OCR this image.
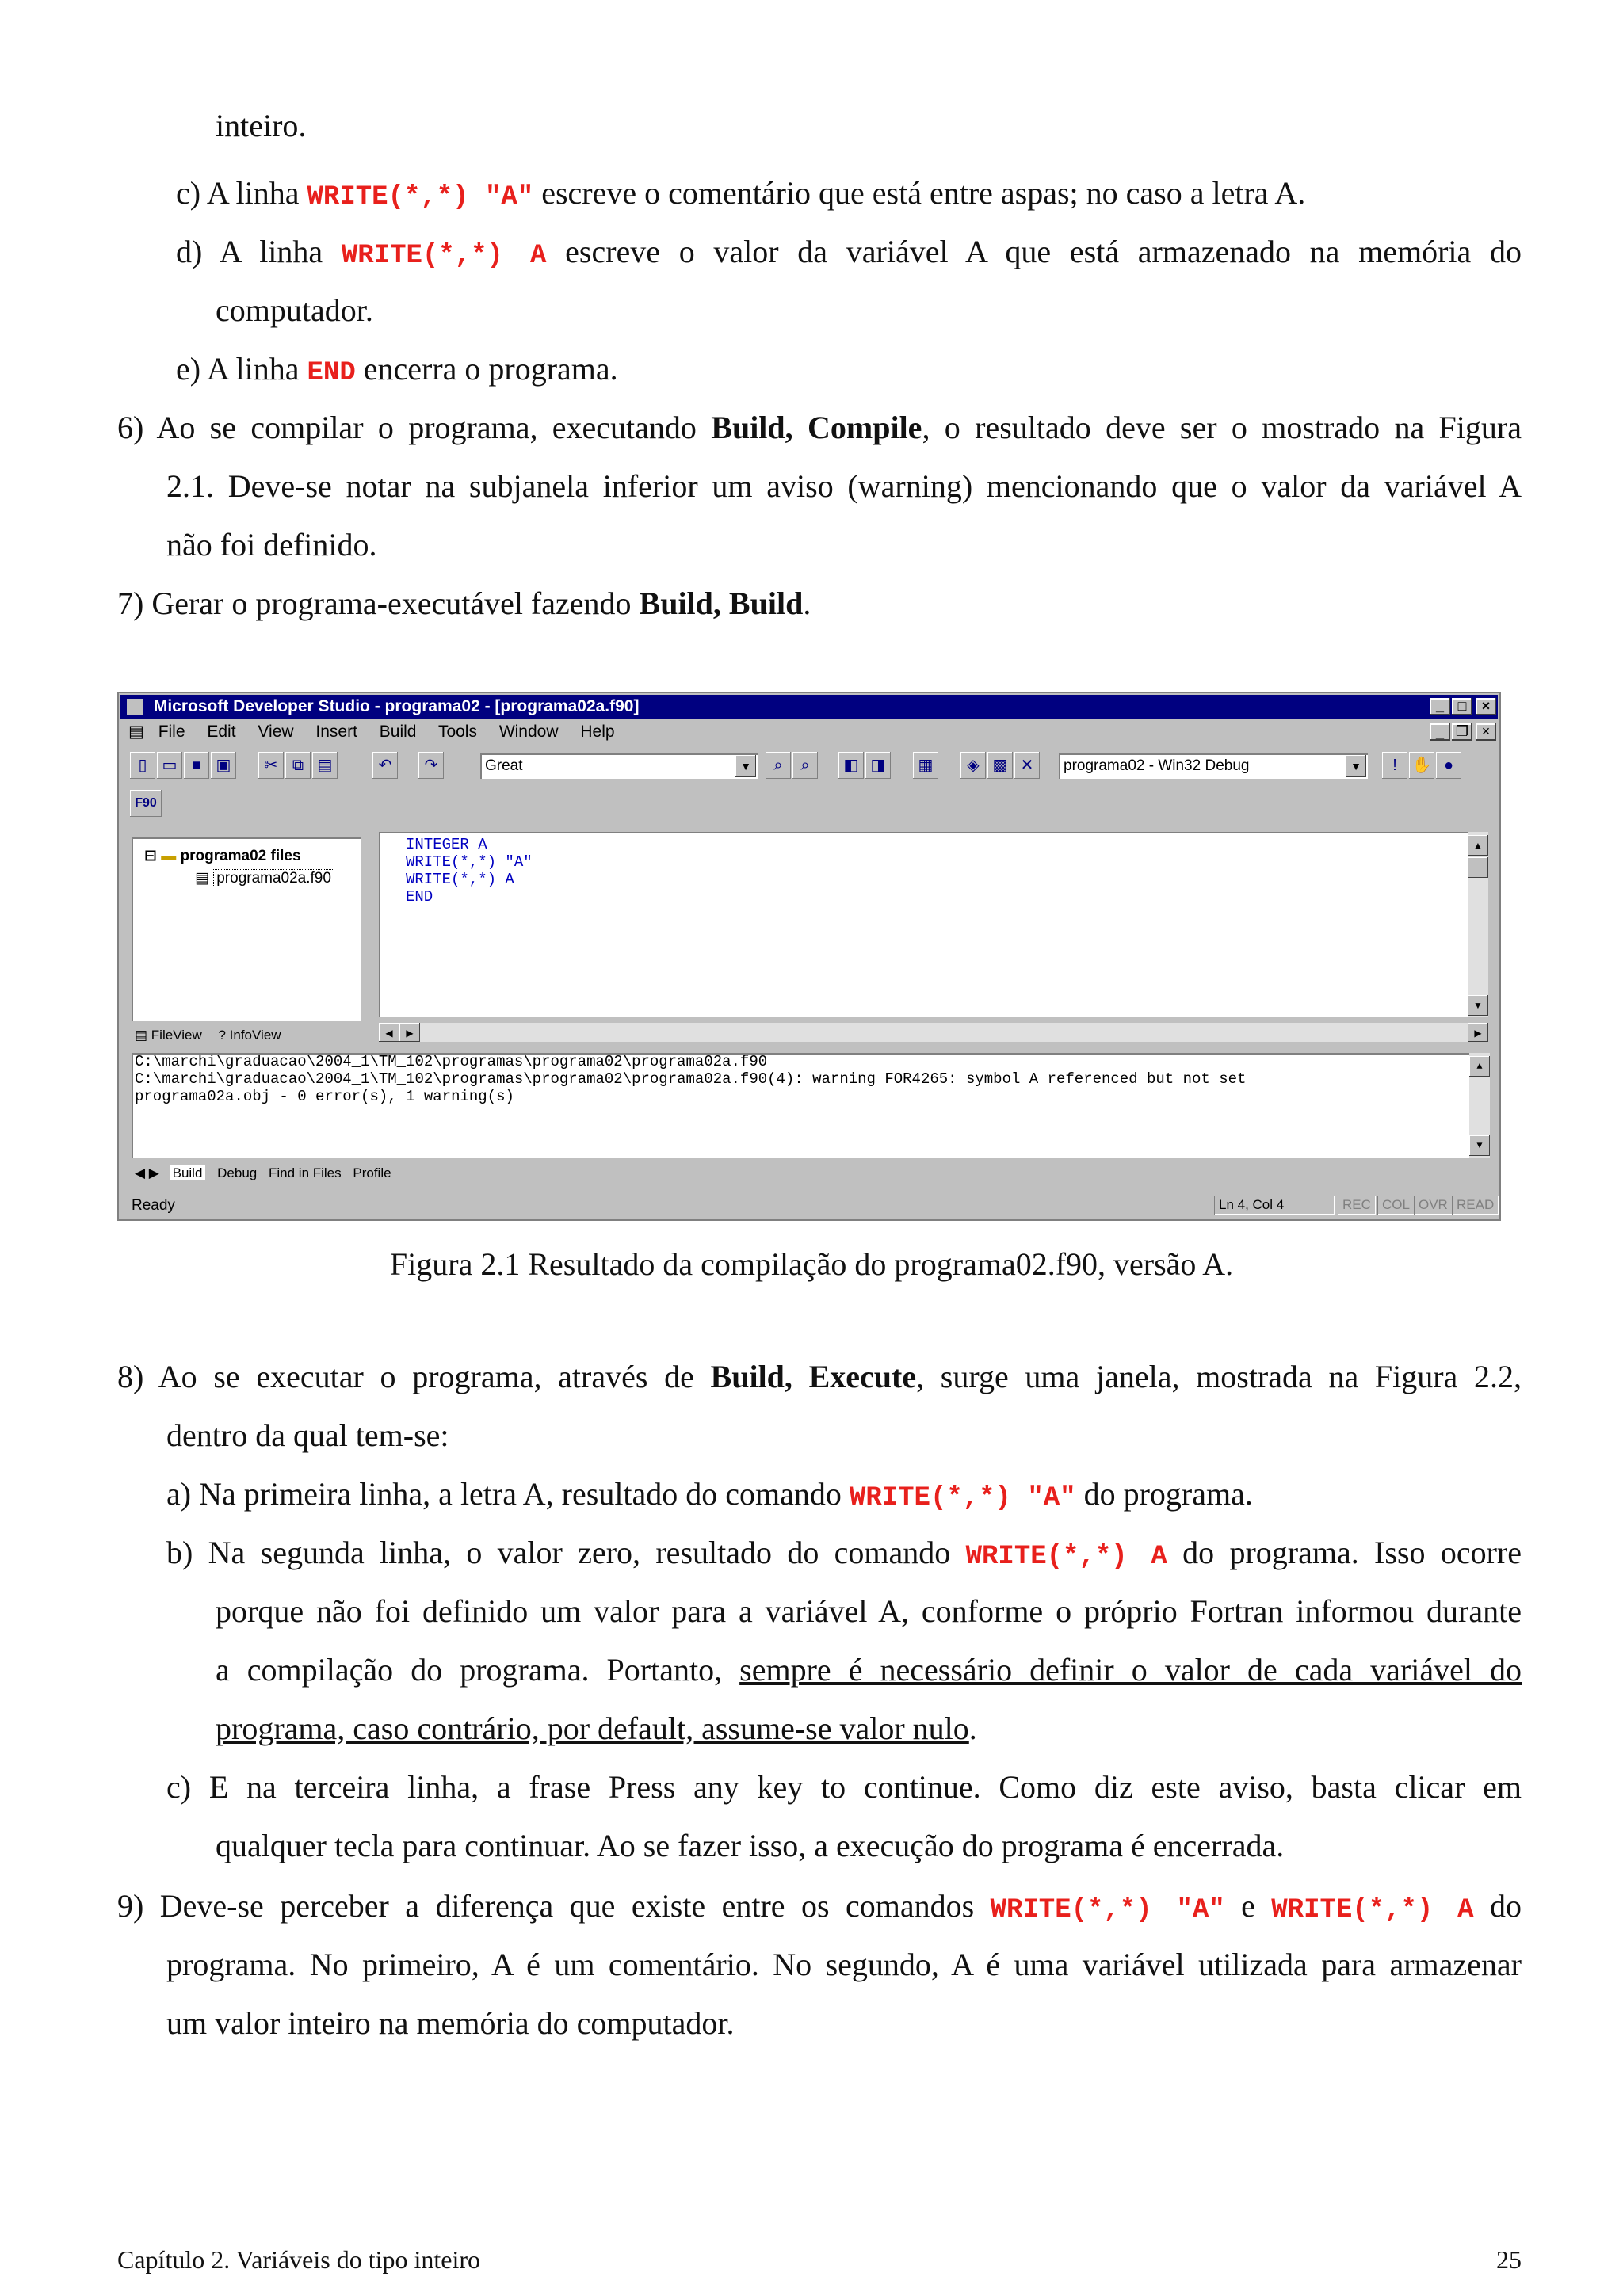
inteiro.
c) A linha WRITE(*,*) "A" escreve o comentário que está entre aspas; no caso a letra A.
d) A linha WRITE(*,*) A escreve o valor da variável A que está armazenado na memória do
computador.
e) A linha END encerra o programa.
6) Ao se compilar o programa, executando Build, Compile, o resultado deve ser o mostrado na Figura
2.1. Deve-se notar na subjanela inferior um aviso (warning) mencionando que o valor da variável A
não foi definido.
7) Gerar o programa-executável fazendo Build, Build.
Microsoft Developer Studio - programa02 - [programa02a.f90]	_ □	×
▤ File Edit View Insert Build Tools Window Help	_ ❐ ×
▯ ▭ ■ ▣	✂ ⧉ ▤	↶	↷	Great	▼	⌕	⌕	◧ ◨	▦	◈ ▩ ✕	programa02 - Win32 Debug	▼	! ✋ ●
F90
⊟ ▬ programa02 files
▤ programa02a.f90
▤ FileView ? InfoView
INTEGER A
WRITE(*,*) "A"
WRITE(*,*) A
END
▲
▼
◀	▶	▶
C:\marchi\graduacao\2004_1\TM_102\programas\programa02\programa02a.f90
C:\marchi\graduacao\2004_1\TM_102\programas\programa02\programa02a.f90(4): warning FOR4265: symbol A referenced but not set
programa02a.obj - 0 error(s), 1 warning(s)
▲
▼
◀ ▶ Build Debug Find in Files Profile
Ready	Ln 4, Col 4	REC COL OVR READ
Figura 2.1 Resultado da compilação do programa02.f90, versão A.
8) Ao se executar o programa, através de Build, Execute, surge uma janela, mostrada na Figura 2.2,
dentro da qual tem-se:
a) Na primeira linha, a letra A, resultado do comando WRITE(*,*) "A" do programa.
b) Na segunda linha, o valor zero, resultado do comando WRITE(*,*) A do programa. Isso ocorre
porque não foi definido um valor para a variável A, conforme o próprio Fortran informou durante
a compilação do programa. Portanto, sempre é necessário definir o valor de cada variável do
programa, caso contrário, por default, assume-se valor nulo.
c) E na terceira linha, a frase Press any key to continue. Como diz este aviso, basta clicar em
qualquer tecla para continuar. Ao se fazer isso, a execução do programa é encerrada.
9) Deve-se perceber a diferença que existe entre os comandos WRITE(*,*) "A" e WRITE(*,*) A do
programa. No primeiro, A é um comentário. No segundo, A é uma variável utilizada para armazenar
um valor inteiro na memória do computador.
Capítulo 2. Variáveis do tipo inteiro	25
